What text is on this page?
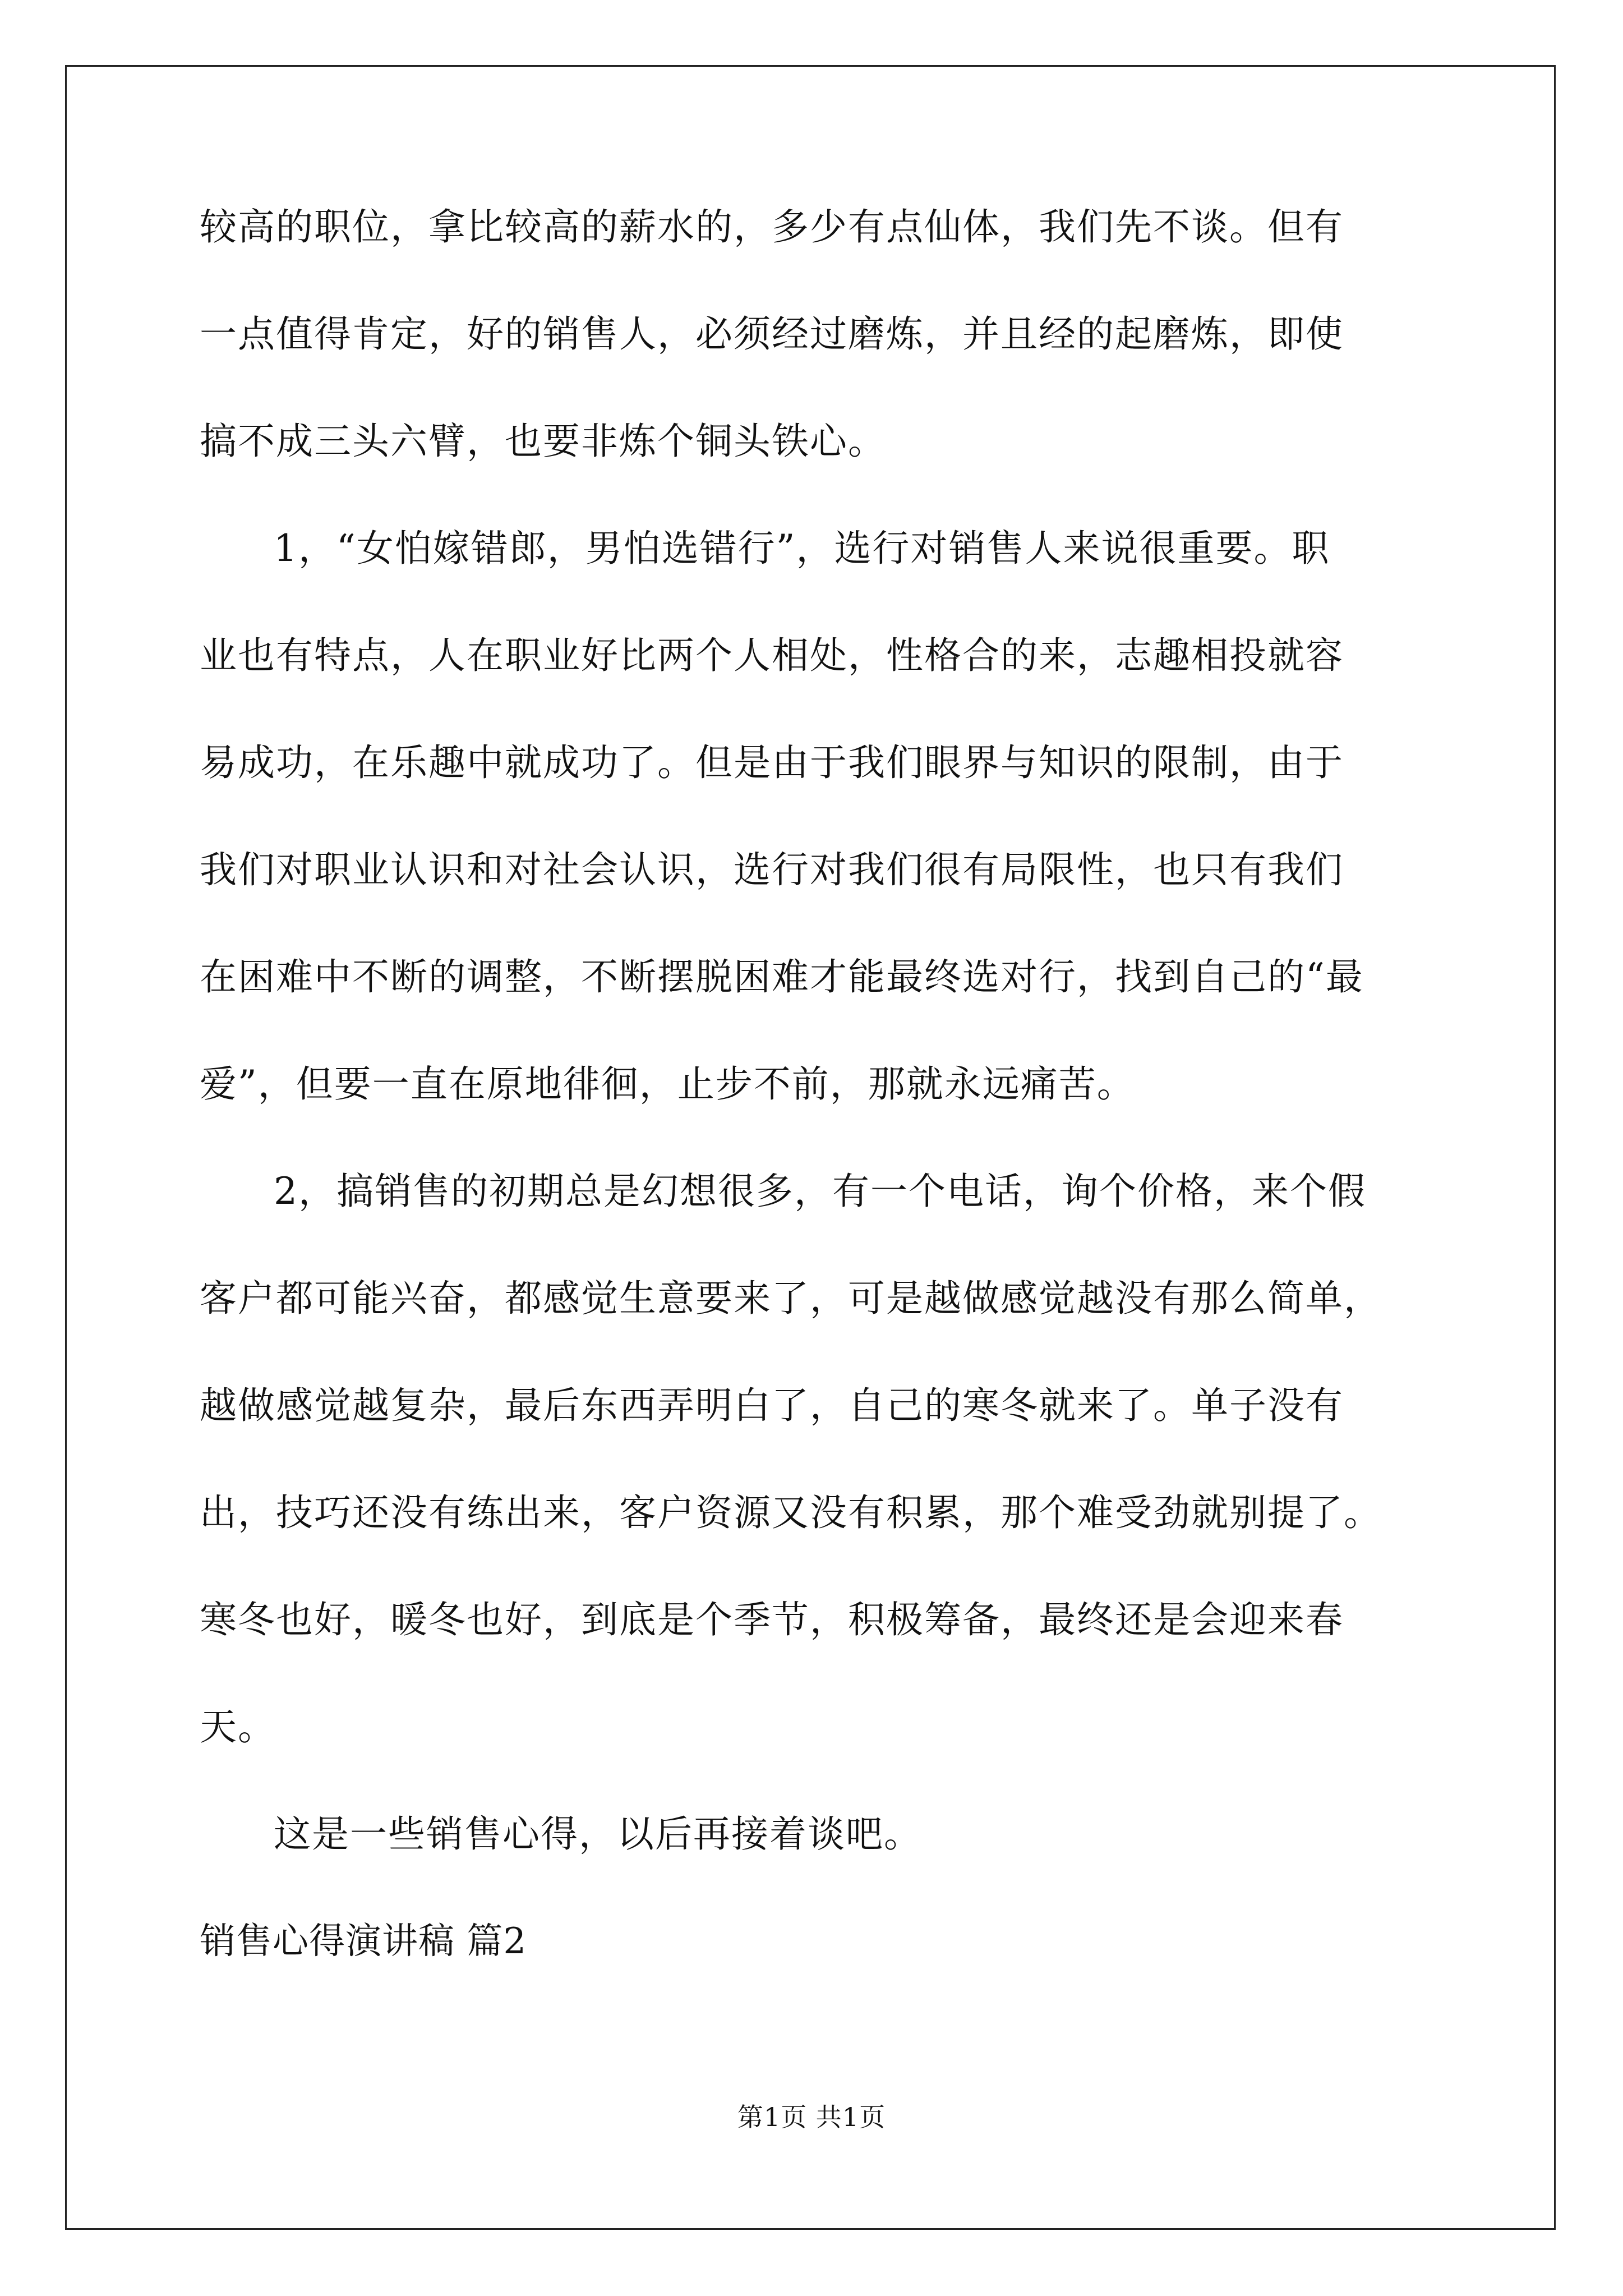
较高的职位，拿比较高的薪水的，多少有点仙体，我们先不谈。但有
一点值得肯定，好的销售人，必须经过磨炼，并且经的起磨炼，即使
搞不成三头六臂，也要非炼个铜头铁心。
1，“女怕嫁错郎，男怕选错行”，选行对销售人来说很重要。职
业也有特点，人在职业好比两个人相处，性格合的来，志趣相投就容
易成功，在乐趣中就成功了。但是由于我们眼界与知识的限制，由于
我们对职业认识和对社会认识，选行对我们很有局限性，也只有我们
在困难中不断的调整，不断摆脱困难才能最终选对行，找到自己的“最
爱”，但要一直在原地徘徊，止步不前，那就永远痛苦。
2，搞销售的初期总是幻想很多，有一个电话，询个价格，来个假
客户都可能兴奋，都感觉生意要来了，可是越做感觉越没有那么简单，
越做感觉越复杂，最后东西弄明白了，自己的寒冬就来了。单子没有
出，技巧还没有练出来，客户资源又没有积累，那个难受劲就别提了。
寒冬也好，暖冬也好，到底是个季节，积极筹备，最终还是会迎来春
天。
这是一些销售心得，以后再接着谈吧。
销售心得演讲稿 篇2
第1页 共1页
